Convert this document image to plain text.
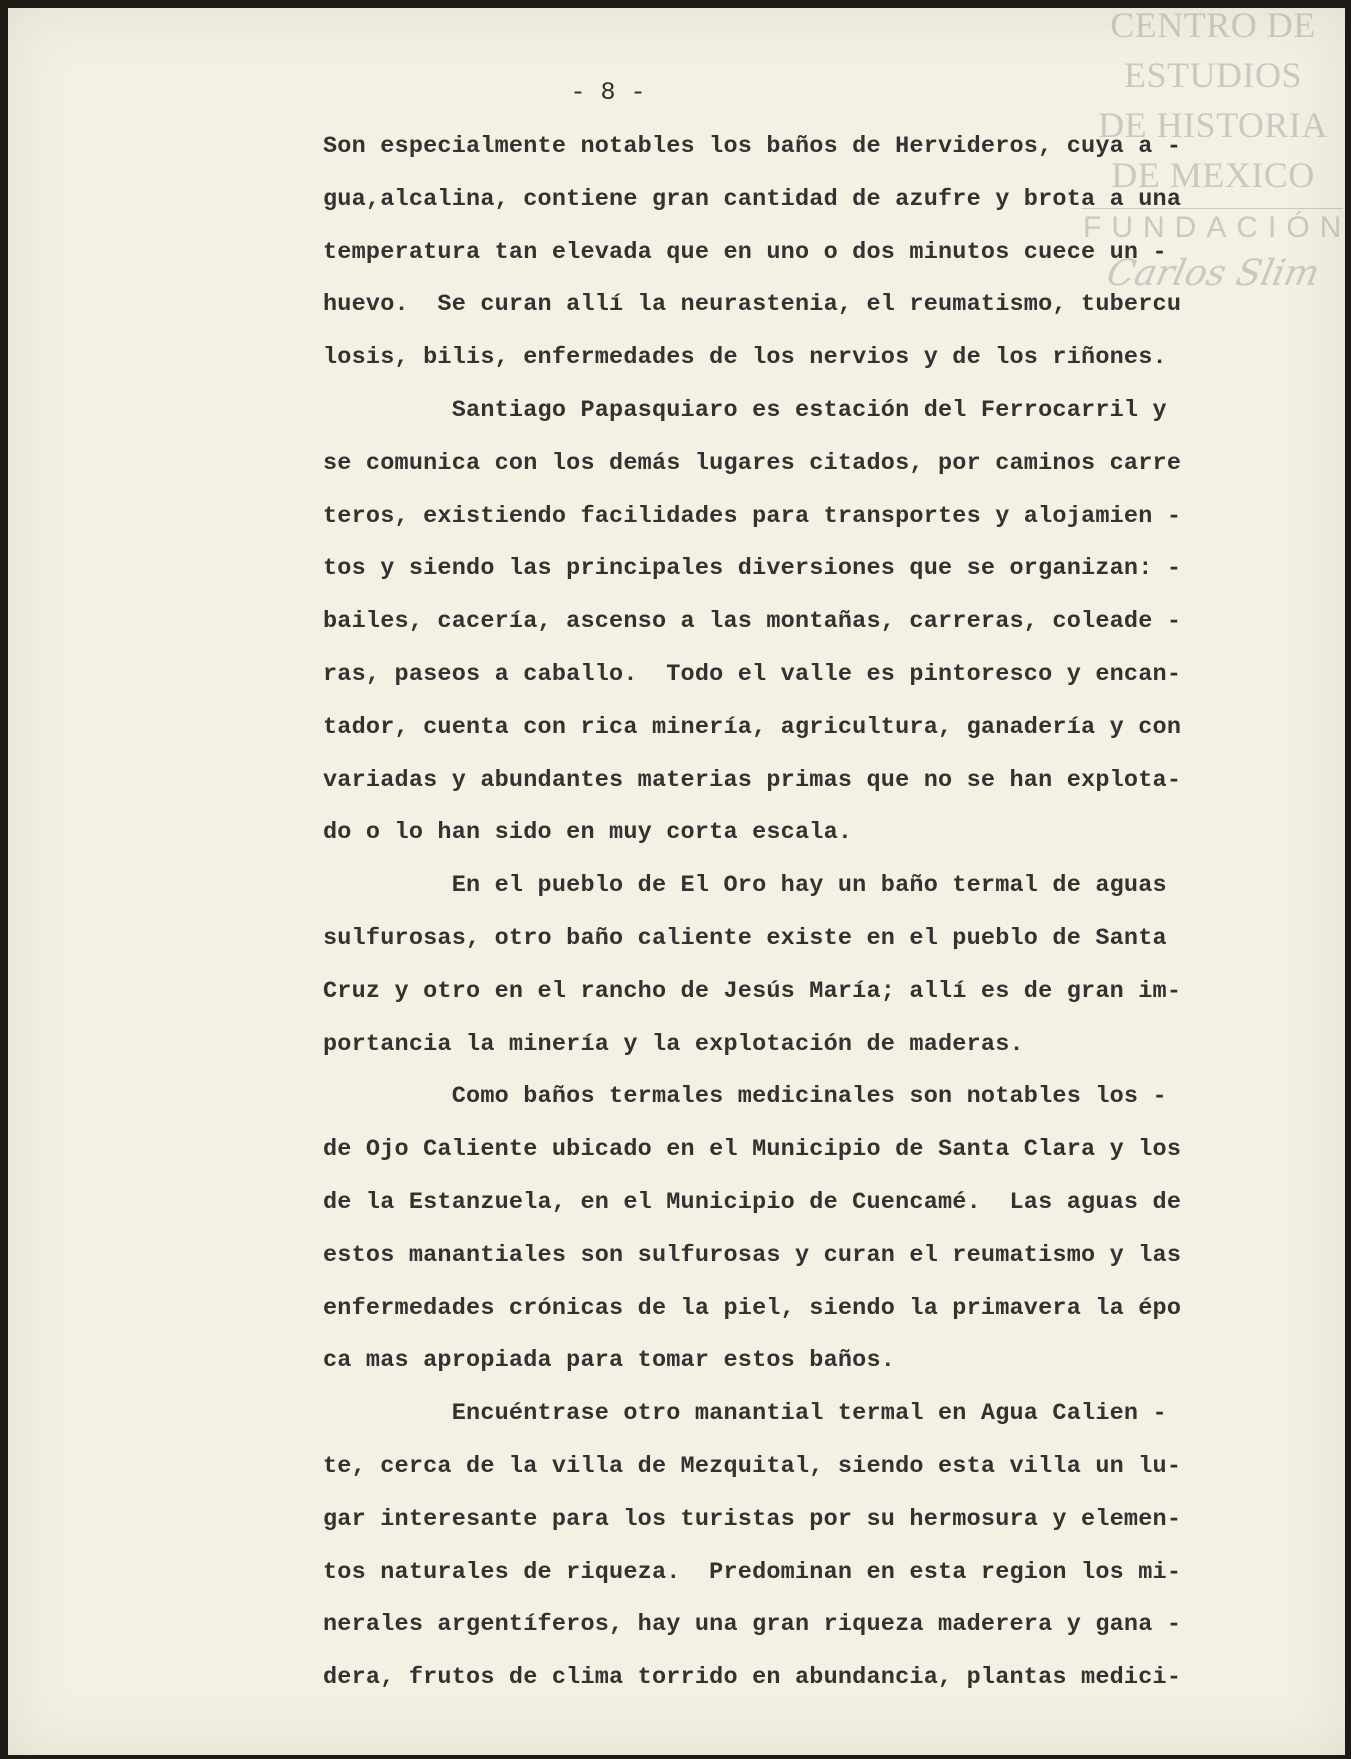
- 8 -
Son especialmente notables los baños de Hervideros, cuya a -
gua,alcalina, contiene gran cantidad de azufre y brota a una
temperatura tan elevada que en uno o dos minutos cuece un -
huevo.  Se curan allí la neurastenia, el reumatismo, tubercu
losis, bilis, enfermedades de los nervios y de los riñones.
Santiago Papasquiaro es estación del Ferrocarril y
se comunica con los demás lugares citados, por caminos carre
teros, existiendo facilidades para transportes y alojamien -
tos y siendo las principales diversiones que se organizan: -
bailes, cacería, ascenso a las montañas, carreras, coleade -
ras, paseos a caballo.  Todo el valle es pintoresco y encan-
tador, cuenta con rica minería, agricultura, ganadería y con
variadas y abundantes materias primas que no se han explota-
do o lo han sido en muy corta escala.
En el pueblo de El Oro hay un baño termal de aguas
sulfurosas, otro baño caliente existe en el pueblo de Santa
Cruz y otro en el rancho de Jesús María; allí es de gran im-
portancia la minería y la explotación de maderas.
Como baños termales medicinales son notables los -
de Ojo Caliente ubicado en el Municipio de Santa Clara y los
de la Estanzuela, en el Municipio de Cuencamé.  Las aguas de
estos manantiales son sulfurosas y curan el reumatismo y las
enfermedades crónicas de la piel, siendo la primavera la épo
ca mas apropiada para tomar estos baños.
Encuéntrase otro manantial termal en Agua Calien -
te, cerca de la villa de Mezquital, siendo esta villa un lu-
gar interesante para los turistas por su hermosura y elemen-
tos naturales de riqueza.  Predominan en esta region los mi-
nerales argentíferos, hay una gran riqueza maderera y gana -
dera, frutos de clima torrido en abundancia, plantas medici-
CENTRO DE
ESTUDIOS
DE HISTORIA
DE MEXICO
FUNDACIÓN
Carlos Slim
